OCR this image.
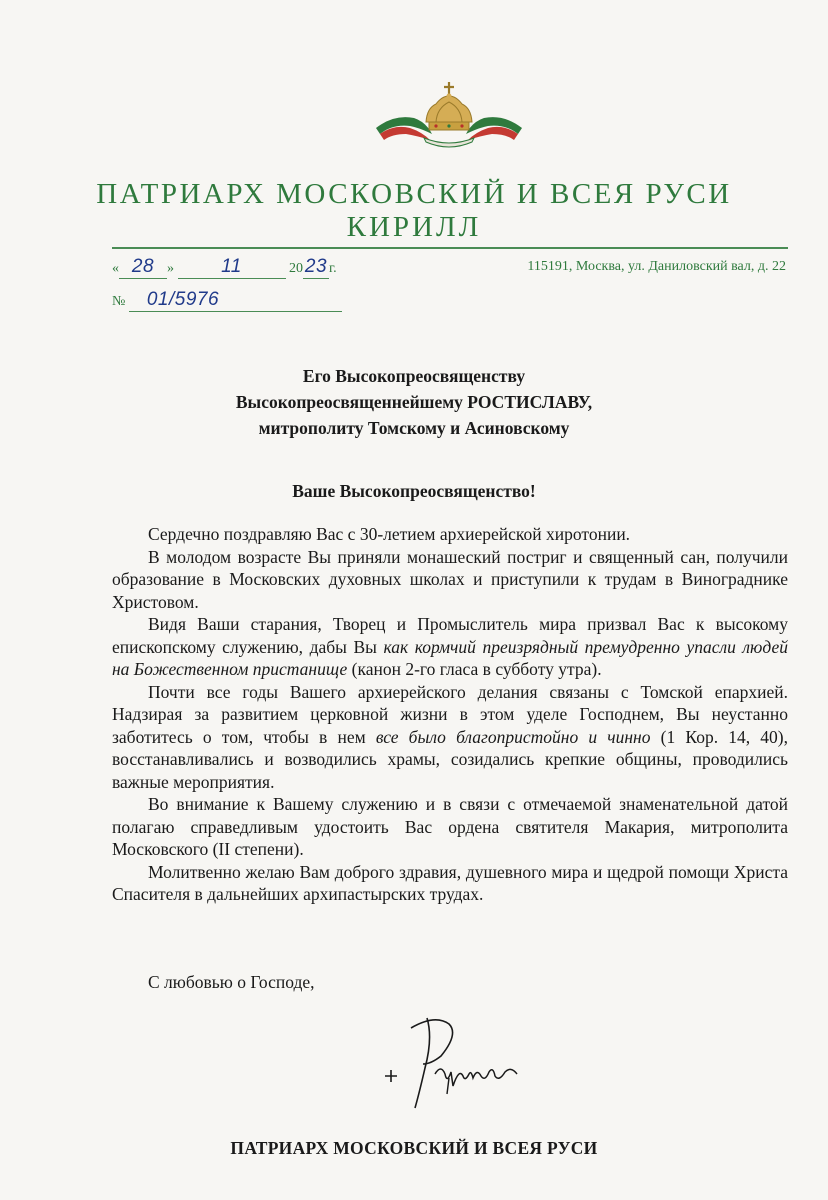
ПАТРИАРХ МОСКОВСКИЙ И ВСЕЯ РУСИ
КИРИЛЛ
« 28 » 11	20 23 г.	115191, Москва, ул. Даниловский вал, д. 22
№ 01/5976
Его Высокопреосвященству
Высокопреосвященнейшему РОСТИСЛАВУ,
митрополиту Томскому и Асиновскому
Ваше Высокопреосвященство!

Сердечно поздравляю Вас с 30-летием архиерейской хиротонии.

В молодом возрасте Вы приняли монашеский постриг и священный сан, получили образование в Московских духовных школах и приступили к трудам в Винограднике Христовом.

Видя Ваши старания, Творец и Промыслитель мира призвал Вас к высокому епископскому служению, дабы Вы как кормчий преизрядный премудренно упасли людей на Божественном пристанище (канон 2-го гласа в субботу утра).

Почти все годы Вашего архиерейского делания связаны с Томской епархией. Надзирая за развитием церковной жизни в этом уделе Господнем, Вы неустанно заботитесь о том, чтобы в нем все было благопристойно и чинно (1 Кор. 14, 40), восстанавливались и возводились храмы, созидались крепкие общины, проводились важные мероприятия.

Во внимание к Вашему служению и в связи с отмечаемой знаменательной датой полагаю справедливым удостоить Вас ордена святителя Макария, митрополита Московского (II степени).

Молитвенно желаю Вам доброго здравия, душевного мира и щедрой помощи Христа Спасителя в дальнейших архипастырских трудах.

С любовью о Господе,
ПАТРИАРХ МОСКОВСКИЙ И ВСЕЯ РУСИ
